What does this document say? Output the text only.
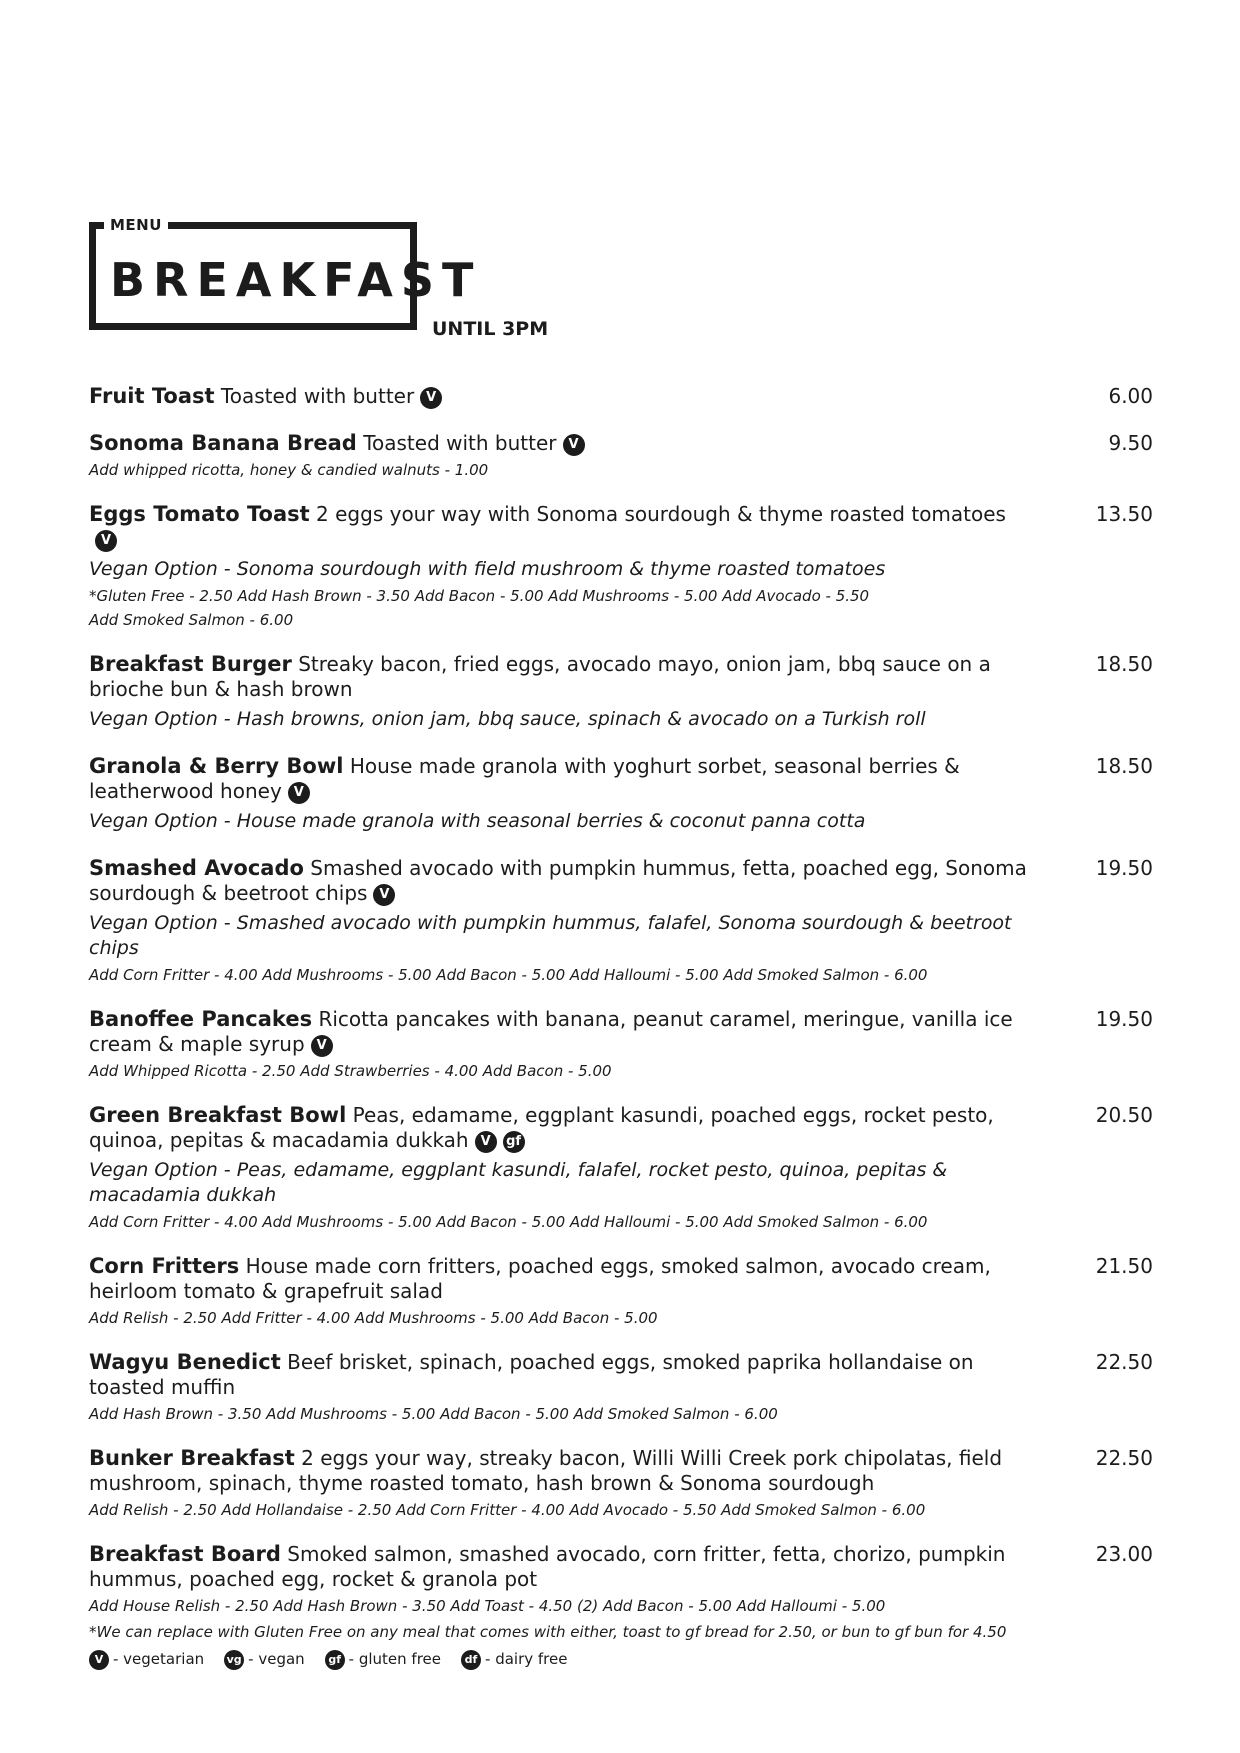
MENU
BREAKFAST
UNTIL 3PM
Fruit Toast Toasted with butter V	6.00
Sonoma Banana Bread Toasted with butter V	9.50
Add whipped ricotta, honey & candied walnuts - 1.00
Eggs Tomato Toast 2 eggs your way with Sonoma sourdough & thyme roasted tomatoesV
13.50
Vegan Option - Sonoma sourdough with field mushroom & thyme roasted tomatoes
*Gluten Free - 2.50 Add Hash Brown - 3.50 Add Bacon - 5.00 Add Mushrooms - 5.00 Add Avocado - 5.50
Add Smoked Salmon - 6.00
Breakfast Burger Streaky bacon, fried eggs, avocado mayo, onion jam, bbq sauce on a brioche bun & hash brown
18.50
Vegan Option - Hash browns, onion jam, bbq sauce, spinach & avocado on a Turkish roll
Granola & Berry Bowl House made granola with yoghurt sorbet, seasonal berries & leatherwood honey V
18.50
Vegan Option - House made granola with seasonal berries & coconut panna cotta
Smashed Avocado Smashed avocado with pumpkin hummus, fetta, poached egg, Sonoma sourdough & beetroot chips V
19.50
Vegan Option - Smashed avocado with pumpkin hummus, falafel, Sonoma sourdough & beetroot chips
Add Corn Fritter - 4.00 Add Mushrooms - 5.00 Add Bacon - 5.00 Add Halloumi - 5.00 Add Smoked Salmon - 6.00
Banoffee Pancakes Ricotta pancakes with banana, peanut caramel, meringue, vanilla ice cream & maple syrup V
19.50
Add Whipped Ricotta - 2.50 Add Strawberries - 4.00 Add Bacon - 5.00
Green Breakfast Bowl Peas, edamame, eggplant kasundi, poached eggs, rocket pesto, quinoa, pepitas & macadamia dukkah V gf
20.50
Vegan Option - Peas, edamame, eggplant kasundi, falafel, rocket pesto, quinoa, pepitas & macadamia dukkah
Add Corn Fritter - 4.00 Add Mushrooms - 5.00 Add Bacon - 5.00 Add Halloumi - 5.00 Add Smoked Salmon - 6.00
Corn Fritters House made corn fritters, poached eggs, smoked salmon, avocado cream, heirloom tomato & grapefruit salad
21.50
Add Relish - 2.50 Add Fritter - 4.00 Add Mushrooms - 5.00 Add Bacon - 5.00
Wagyu Benedict Beef brisket, spinach, poached eggs, smoked paprika hollandaise on toasted muffin
22.50
Add Hash Brown - 3.50 Add Mushrooms - 5.00 Add Bacon - 5.00 Add Smoked Salmon - 6.00
Bunker Breakfast 2 eggs your way, streaky bacon, Willi Willi Creek pork chipolatas, field mushroom, spinach, thyme roasted tomato, hash brown & Sonoma sourdough
22.50
Add Relish - 2.50 Add Hollandaise - 2.50 Add Corn Fritter - 4.00 Add Avocado - 5.50 Add Smoked Salmon - 6.00
Breakfast Board Smoked salmon, smashed avocado, corn fritter, fetta, chorizo, pumpkin hummus, poached egg, rocket & granola pot
23.00
Add House Relish - 2.50 Add Hash Brown - 3.50 Add Toast - 4.50 (2) Add Bacon - 5.00 Add Halloumi - 5.00
*We can replace with Gluten Free on any meal that comes with either, toast to gf bread for 2.50, or bun to gf bun for 4.50
V - vegetarian vg - vegan gf - gluten free df - dairy free
